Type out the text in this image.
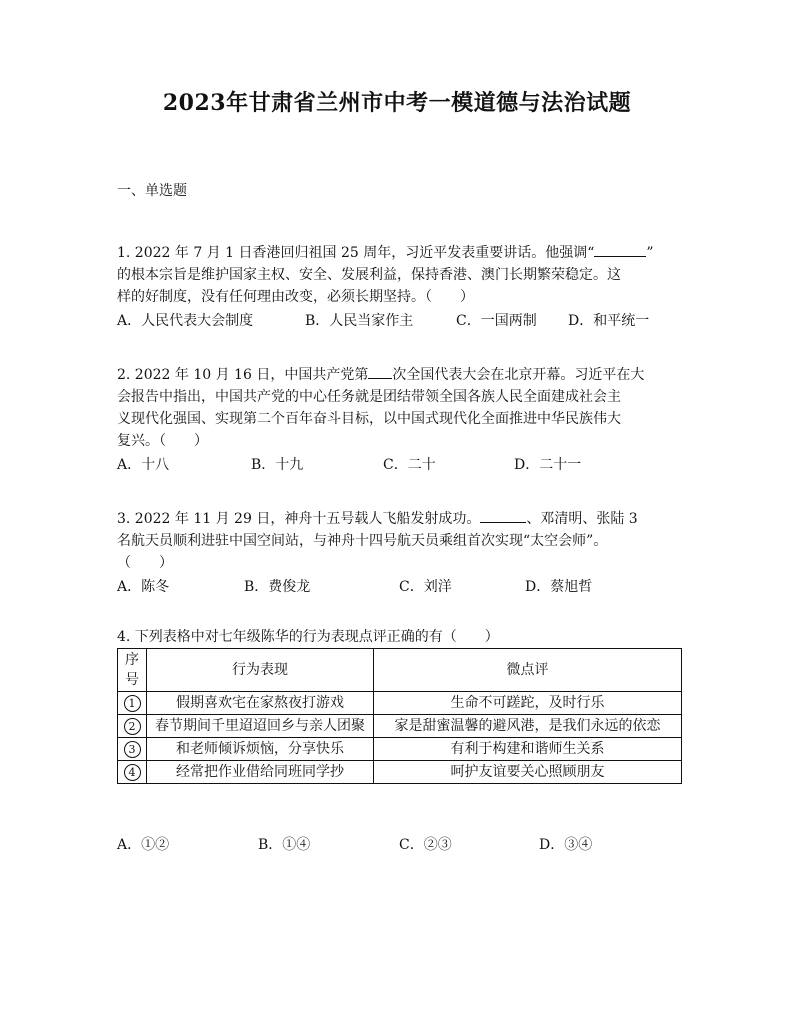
2023年甘肃省兰州市中考一模道德与法治试题
一、单选题

1. 2022 年 7 月 1 日香港回归祖国 25 周年，习近平发表重要讲话。他强调“	”

的根本宗旨是维护国家主权、安全、发展利益，保持香港、澳门长期繁荣稳定。这

样的好制度，没有任何理由改变，必须长期坚持。（　　）

A．人民代表大会制度	B．人民当家作主	C．一国两制 D．和平统一

2. 2022 年 10 月 16 日，中国共产党第 次全国代表大会在北京开幕。习近平在大

会报告中指出，中国共产党的中心任务就是团结带领全国各族人民全面建成社会主

义现代化强国、实现第二个百年奋斗目标，以中国式现代化全面推进中华民族伟大

复兴。（　　）

A．十八	B．十九	C．二十	D．二十一

3. 2022 年 11 月 29 日，神舟十五号载人飞船发射成功。	、邓清明、张陆 3

名航天员顺利进驻中国空间站，与神舟十四号航天员乘组首次实现“太空会师”。

（　　）

A．陈冬	B．费俊龙	C．刘洋	D．蔡旭哲

4. 下列表格中对七年级陈华的行为表现点评正确的有（　　）

序号	行为表现	微点评
1	假期喜欢宅在家熬夜打游戏	生命不可蹉跎，及时行乐
2	春节期间千里迢迢回乡与亲人团聚	家是甜蜜温馨的避风港，是我们永远的依恋
3	和老师倾诉烦恼，分享快乐	有利于构建和谐师生关系
4	经常把作业借给同班同学抄	呵护友谊要关心照顾朋友
A．①②	B．①④	C．②③	D．③④
